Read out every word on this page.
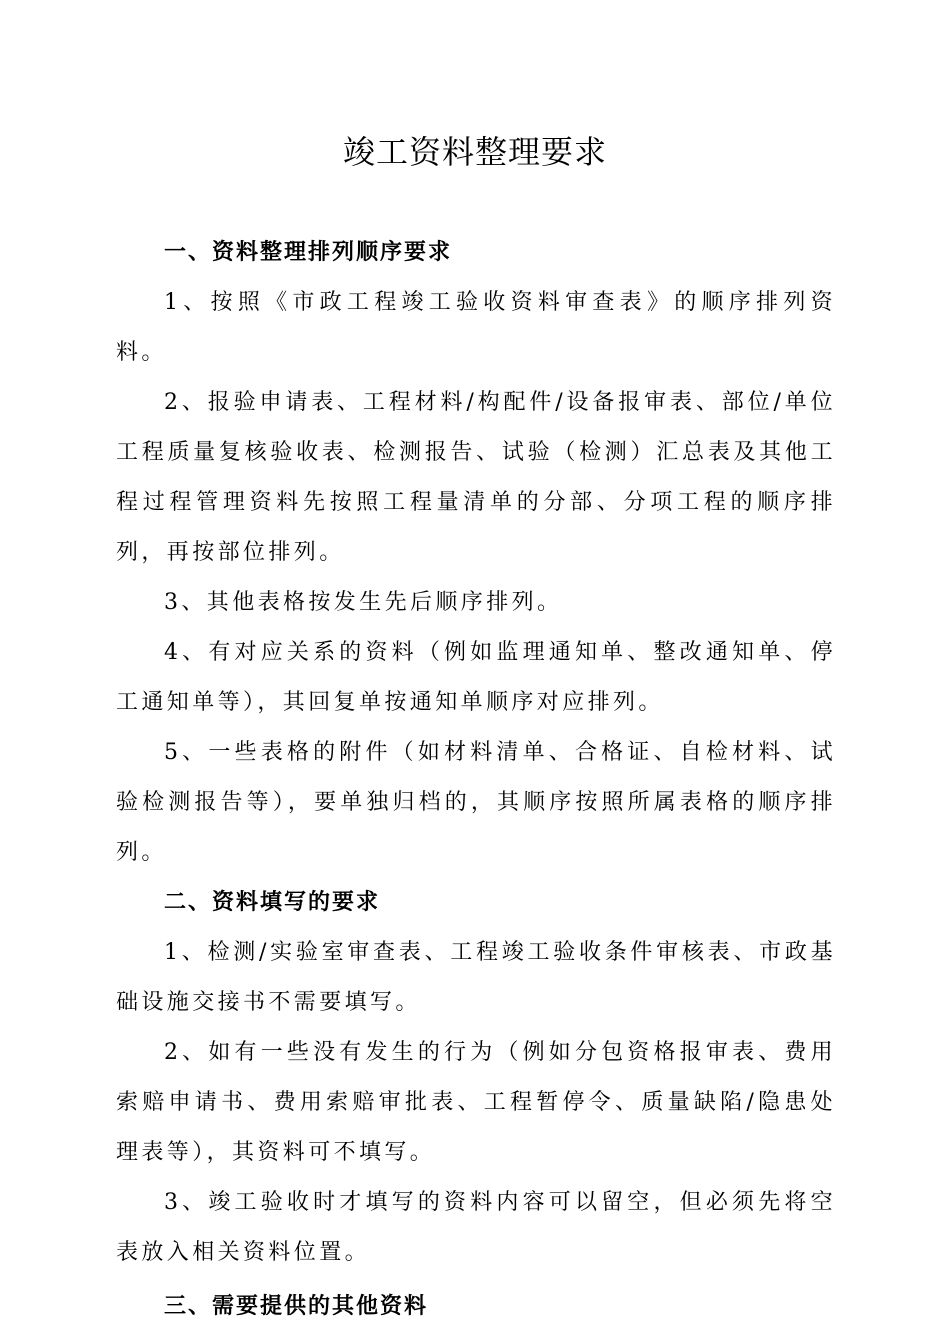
竣工资料整理要求

一、资料整理排列顺序要求

1、按照《市政工程竣工验收资料审查表》的顺序排列资料。

2、报验申请表、工程材料/构配件/设备报审表、部位/单位工程质量复核验收表、检测报告、试验（检测）汇总表及其他工程过程管理资料先按照工程量清单的分部、分项工程的顺序排列，再按部位排列。

3、其他表格按发生先后顺序排列。

4、有对应关系的资料（例如监理通知单、整改通知单、停工通知单等），其回复单按通知单顺序对应排列。

5、一些表格的附件（如材料清单、合格证、自检材料、试验检测报告等），要单独归档的，其顺序按照所属表格的顺序排列。

二、资料填写的要求

1、检测/实验室审查表、工程竣工验收条件审核表、市政基础设施交接书不需要填写。

2、如有一些没有发生的行为（例如分包资格报审表、费用索赔申请书、费用索赔审批表、工程暂停令、质量缺陷/隐患处理表等），其资料可不填写。

3、竣工验收时才填写的资料内容可以留空，但必须先将空表放入相关资料位置。

三、需要提供的其他资料
